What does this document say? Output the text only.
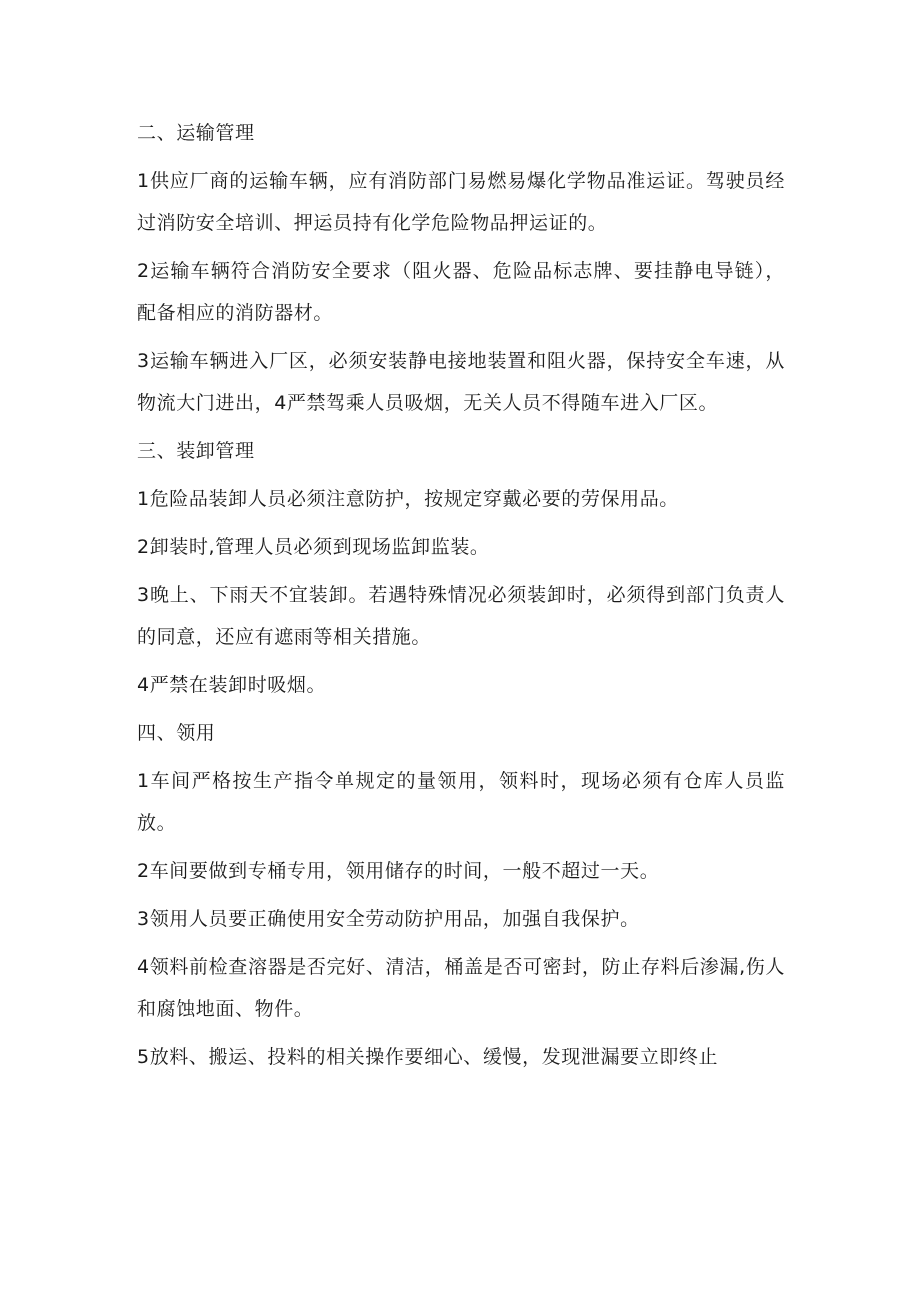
二、运输管理

1供应厂商的运输车辆，应有消防部门易燃易爆化学物品准运证。驾驶员经过消防安全培训、押运员持有化学危险物品押运证的。

2运输车辆符合消防安全要求（阻火器、危险品标志牌、要挂静电导链），配备相应的消防器材。

3运输车辆进入厂区，必须安装静电接地装置和阻火器，保持安全车速，从物流大门进出，4严禁驾乘人员吸烟，无关人员不得随车进入厂区。

三、装卸管理

1危险品装卸人员必须注意防护，按规定穿戴必要的劳保用品。

2卸装时,管理人员必须到现场监卸监装。

3晚上、下雨天不宜装卸。若遇特殊情况必须装卸时，必须得到部门负责人的同意，还应有遮雨等相关措施。

4严禁在装卸时吸烟。

四、领用

1车间严格按生产指令单规定的量领用，领料时，现场必须有仓库人员监放。

2车间要做到专桶专用，领用储存的时间，一般不超过一天。

3领用人员要正确使用安全劳动防护用品，加强自我保护。

4领料前检查溶器是否完好、清洁，桶盖是否可密封，防止存料后渗漏,伤人和腐蚀地面、物件。

5放料、搬运、投料的相关操作要细心、缓慢，发现泄漏要立即终止
